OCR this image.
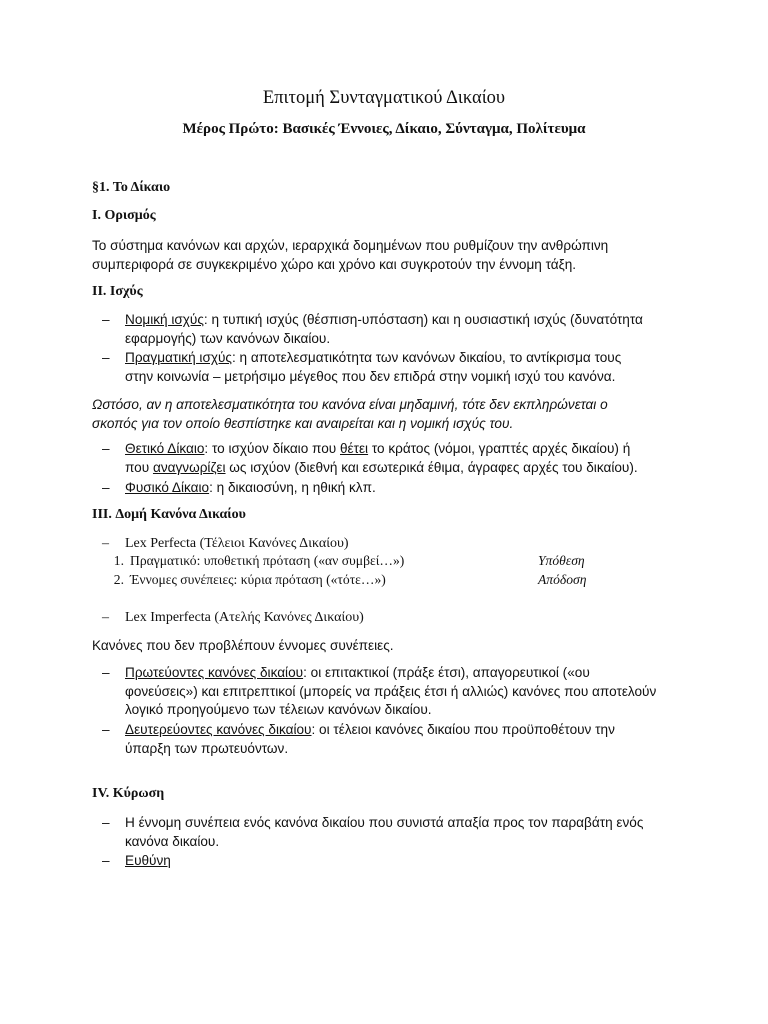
Επιτομή Συνταγματικού Δικαίου
Μέρος Πρώτο: Βασικές Έννοιες, Δίκαιο, Σύνταγμα, Πολίτευμα
§1. Το Δίκαιο
I. Ορισμός
Το σύστημα κανόνων και αρχών, ιεραρχικά δομημένων που ρυθμίζουν την ανθρώπινη
συμπεριφορά σε συγκεκριμένο χώρο και χρόνο και συγκροτούν την έννομη τάξη.
II. Ισχύς
– Νομική ισχύς: η τυπική ισχύς (θέσπιση-υπόσταση) και η ουσιαστική ισχύς (δυνατότητα
εφαρμογής) των κανόνων δικαίου.
– Πραγματική ισχύς: η αποτελεσματικότητα των κανόνων δικαίου, το αντίκρισμα τους
στην κοινωνία – μετρήσιμο μέγεθος που δεν επιδρά στην νομική ισχύ του κανόνα.
Ωστόσο, αν η αποτελεσματικότητα του κανόνα είναι μηδαμινή, τότε δεν εκπληρώνεται ο
σκοπός για τον οποίο θεσπίστηκε και αναιρείται και η νομική ισχύς του.
– Θετικό Δίκαιο: το ισχύον δίκαιο που θέτει το κράτος (νόμοι, γραπτές αρχές δικαίου) ή
που αναγνωρίζει ως ισχύον (διεθνή και εσωτερικά έθιμα, άγραφες αρχές του δικαίου).
– Φυσικό Δίκαιο: η δικαιοσύνη, η ηθική κλπ.
III. Δομή Κανόνα Δικαίου
– Lex Perfecta (Τέλειοι Κανόνες Δικαίου)
1. Πραγματικό: υποθετική πρόταση («αν συμβεί…»)	Υπόθεση
2. Έννομες συνέπειες: κύρια πρόταση («τότε…»)	Απόδοση
– Lex Imperfecta (Ατελής Κανόνες Δικαίου)
Κανόνες που δεν προβλέπουν έννομες συνέπειες.
– Πρωτεύοντες κανόνες δικαίου: οι επιτακτικοί (πράξε έτσι), απαγορευτικοί («ου
φονεύσεις») και επιτρεπτικοί (μπορείς να πράξεις έτσι ή αλλιώς) κανόνες που αποτελούν
λογικό προηγούμενο των τέλειων κανόνων δικαίου.
– Δευτερεύοντες κανόνες δικαίου: οι τέλειοι κανόνες δικαίου που προϋποθέτουν την
ύπαρξη των πρωτευόντων.
IV. Κύρωση
– Η έννομη συνέπεια ενός κανόνα δικαίου που συνιστά απαξία προς τον παραβάτη ενός
κανόνα δικαίου.
– Ευθύνη
